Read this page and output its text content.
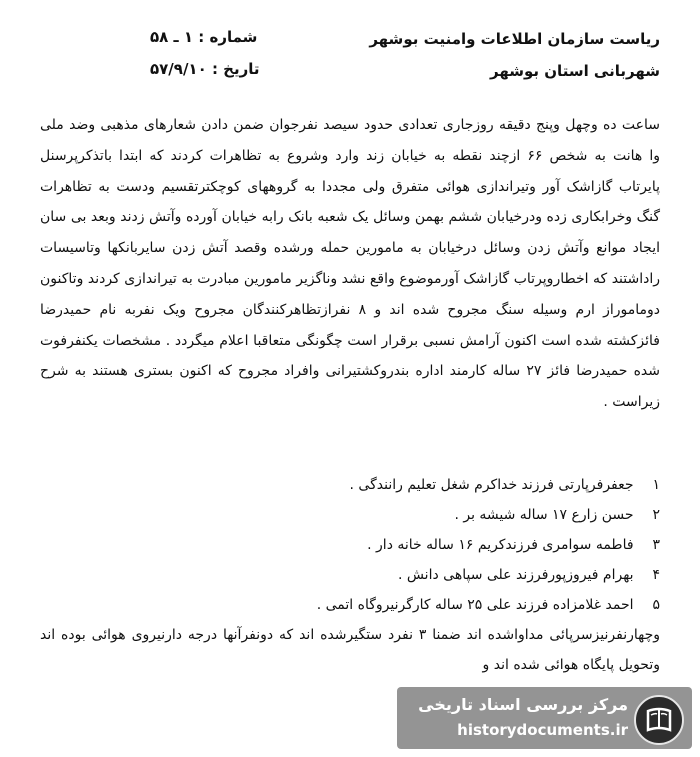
ریاست سازمان اطلاعات وامنیت بوشهر
شهربانی استان بوشهر
شماره : ۱ ـ ۵۸
تاریخ : ۵۷/۹/۱۰

ساعت ده وچهل وپنج دقیقه روزجاری تعدادی حدود سیصد نفرجوان ضمن دادن شعارهای مذهبی وضد ملی وا هانت به شخص ۶۶ ازچند نقطه به خیابان زند وارد وشروع به تظاهرات کردند که ابتدا باتذکرپرسنل پایرتاب گازاشک آور وتیراندازی هوائی متفرق ولی مجددا به گروههای کوچکترتقسیم ودست به تظاهرات گنگ وخرابکاری زده ودرخیابان ششم بهمن وسائل یک شعبه بانک رابه خیابان آورده وآتش زدند وبعد بی سان ایجاد موانع وآتش زدن وسائل درخیابان به مامورین حمله ورشده وقصد آتش زدن سایربانکها وتاسیسات راداشتند که اخطاروپرتاب گازاشک آورموضوع واقع نشد وناگزیر مامورین مبادرت به تیراندازی کردند وتاکنون دوماموراز ارم وسیله سنگ مجروح شده اند و ۸ نفرازتظاهرکنندگان مجروح ویک نفربه نام حمیدرضا فائزکشته شده است اکنون آرامش نسبی برقرار است چگونگی متعاقبا اعلام میگردد . مشخصات یکنفرفوت شده حمیدرضا فائز ۲۷ ساله کارمند اداره بندروکشتیرانی وافراد مجروح که اکنون بستری هستند به شرح زیراست .

۱ جعفرفرپارتی فرزند خداکرم شغل تعلیم رانندگی .
۲ حسن زارع ۱۷ ساله شیشه بر .
۳ فاطمه سوامری فرزندکریم ۱۶ ساله خانه دار .
۴ بهرام فیروزپورفرزند علی سپاهی دانش .
۵ احمد غلامزاده فرزند علی ۲۵ ساله کارگرنیروگاه اتمی .
وچهارنفرنیزسرپائی مداواشده اند ضمنا ۳ نفرد ستگیرشده اند که دونفرآنها درجه دارنیروی هوائی بوده اند وتحویل پایگاه هوائی شده اند و
مرکز بررسی اسناد تاریخی
historydocuments.ir
